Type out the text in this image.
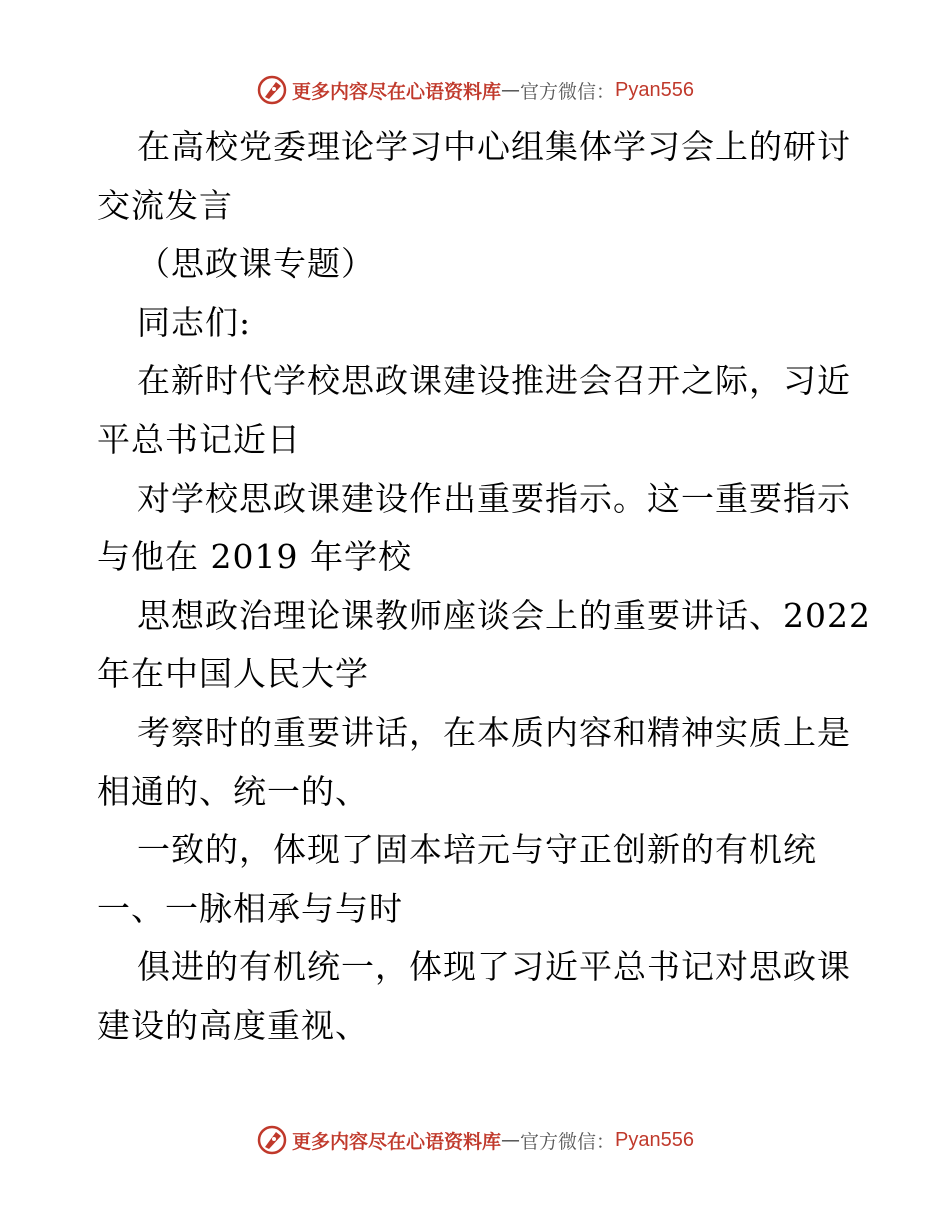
更多内容尽在心语资料库 — 官方微信： Pyan556
在高校党委理论学习中心组集体学习会上的研讨
交流发言
（思政课专题）
同志们:
在新时代学校思政课建设推进会召开之际，习近
平总书记近日
对学校思政课建设作出重要指示。这一重要指示
与他在 2019 年学校
思想政治理论课教师座谈会上的重要讲话、2022
年在中国人民大学
考察时的重要讲话，在本质内容和精神实质上是
相通的、统一的、
一致的，体现了固本培元与守正创新的有机统
一、一脉相承与与时
俱进的有机统一，体现了习近平总书记对思政课
建设的高度重视、
更多内容尽在心语资料库 — 官方微信： Pyan556
